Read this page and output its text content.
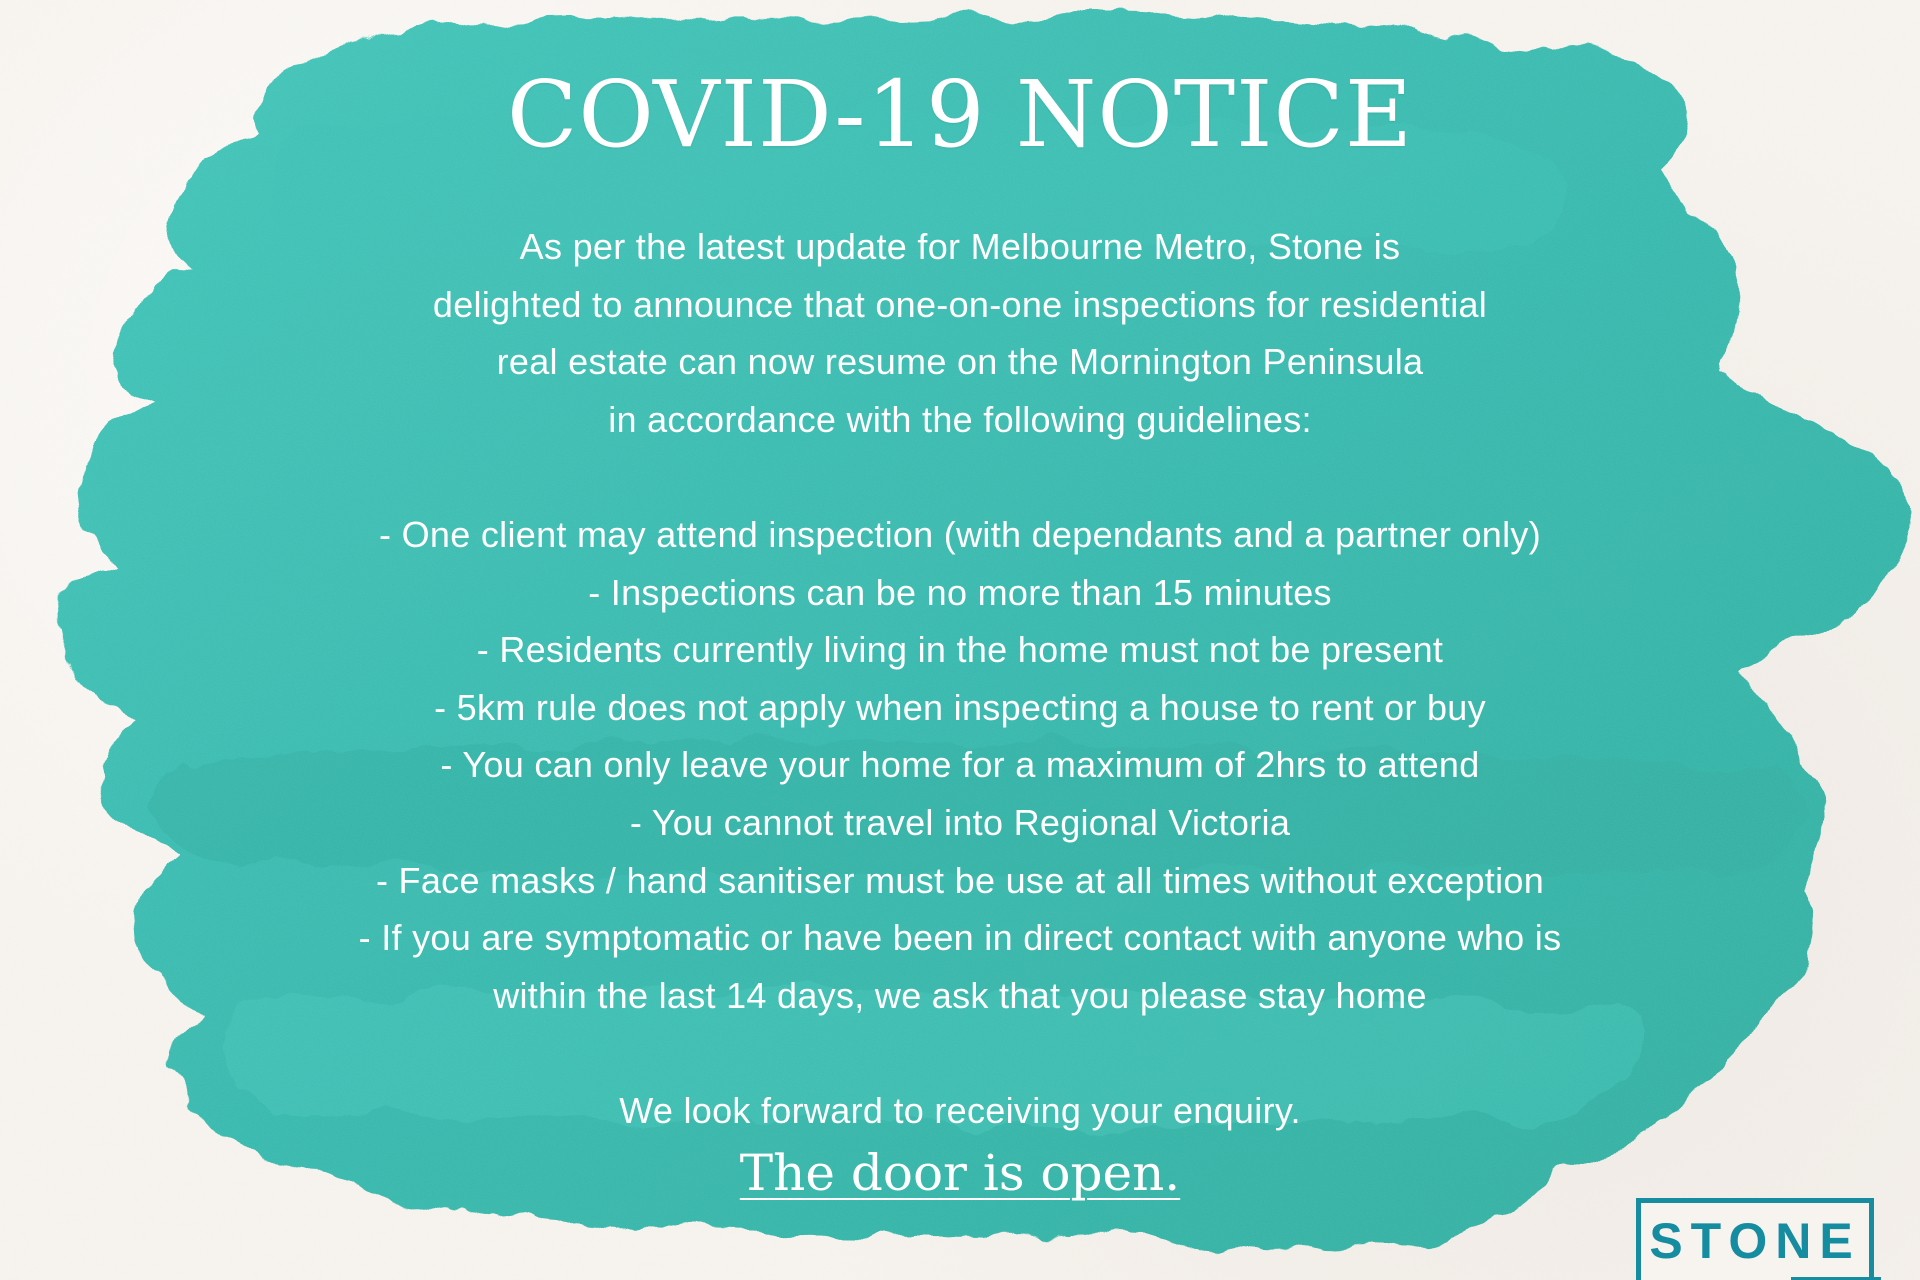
COVID-19 NOTICE
As per the latest update for Melbourne Metro, Stone is
delighted to announce that one-on-one inspections for residential
real estate can now resume on the Mornington Peninsula
in accordance with the following guidelines:
- One client may attend inspection (with dependants and a partner only)
- Inspections can be no more than 15 minutes
- Residents currently living in the home must not be present
- 5km rule does not apply when inspecting a house to rent or buy
- You can only leave your home for a maximum of 2hrs to attend
- You cannot travel into Regional Victoria
- Face masks / hand sanitiser must be use at all times without exception
- If you are symptomatic or have been in direct contact with anyone who is
within the last 14 days, we ask that you please stay home
We look forward to receiving your enquiry.
The door is open.
STONE
